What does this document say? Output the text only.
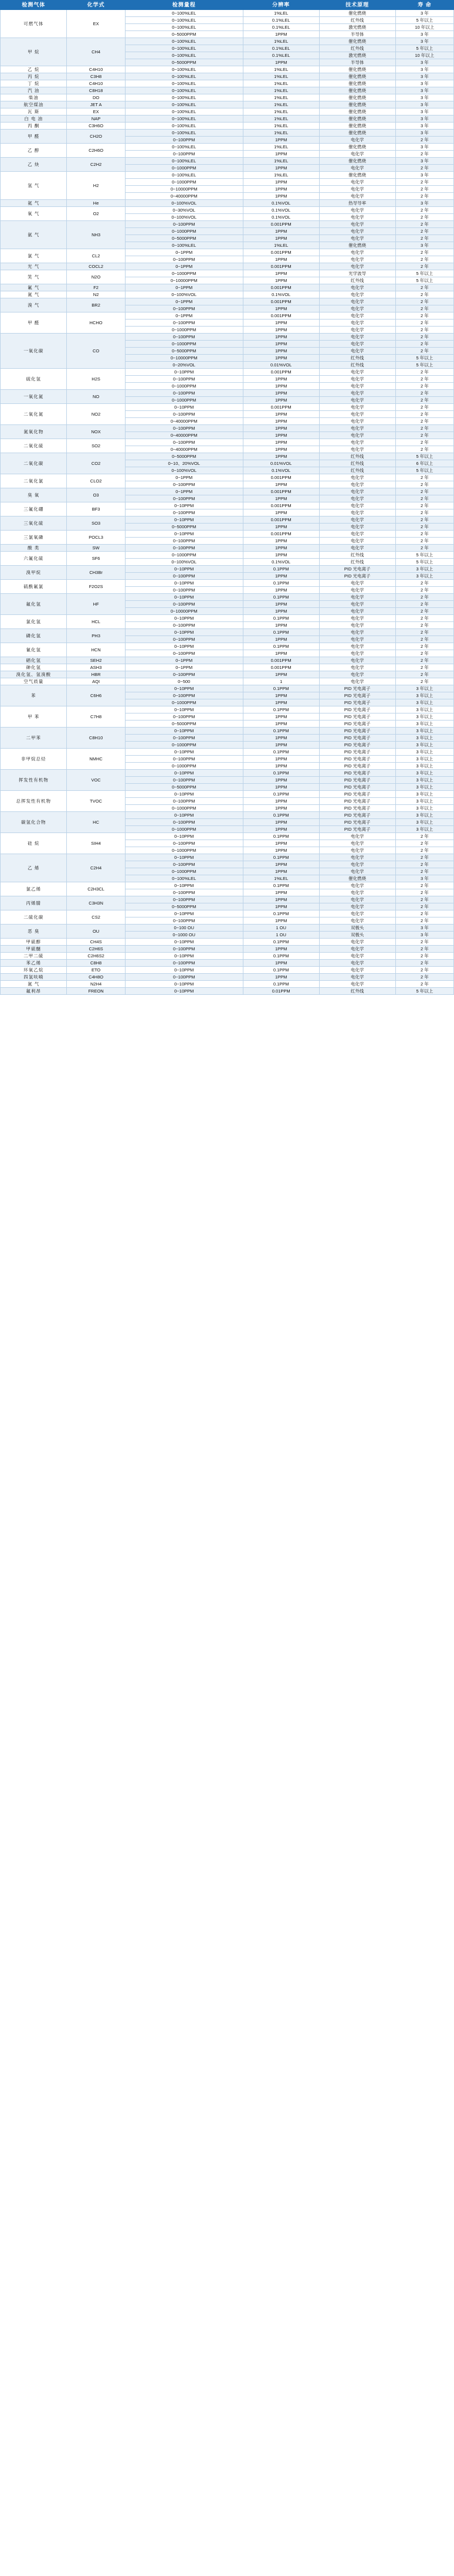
检测气体	化学式	检测量程	分辨率	技术原理	寿 命
可燃气体	EX	0~100%LEL	1%LEL	催化燃烧	3 年
		0~100%LEL	0.1%LEL	红外线	5 年以上
		0~100%LEL	0.1%LEL	激光燃烧	10 年以上
		0~5000PPM	1PPM	半导体	3 年
甲 烷	CH4	0~100%LEL	1%LEL	催化燃烧	3 年
		0~100%LEL	0.1%LEL	红外线	5 年以上
		0~100%LEL	0.1%LEL	激光燃烧	10 年以上
		0~5000PPM	1PPM	半导体	3 年
乙 烷	C4H10	0~100%LEL	1%LEL	催化燃烧	3 年
丙 烷	C3H8	0~100%LEL	1%LEL	催化燃烧	3 年
丁 烷	C4H10	0~100%LEL	1%LEL	催化燃烧	3 年
汽 油	C8H18	0~100%LEL	1%LEL	催化燃烧	3 年
柴油	DO	0~100%LEL	1%LEL	催化燃烧	3 年
航空煤油	JET A	0~100%LEL	1%LEL	催化燃烧	3 年
瓦 斯	EX	0~100%LEL	1%LEL	催化燃烧	3 年
白 电 油	NAP	0~100%LEL	1%LEL	催化燃烧	3 年
丙 酮	C3H6O	0~100%LEL	1%LEL	催化燃烧	3 年
甲 醛	CH2O	0~100%LEL	1%LEL	催化燃烧	3 年
		0~100PPM	1PPM	电化学	2 年
乙 醇	C2H6O	0~100%LEL	1%LEL	催化燃烧	3 年
		0~100PPM	1PPM	电化学	2 年
乙 炔	C2H2	0~100%LEL	1%LEL	催化燃烧	3 年
		0~1000PPM	1PPM	电化学	2 年
氢 气	H2	0~100%LEL	1%LEL	催化燃烧	3 年
		0~1000PPM	1PPM	电化学	2 年
		0~10000PPM	1PPM	电化学	2 年
		0~40000PPM	1PPM	电化学	2 年
氦 气	He	0~100%VOL	0.1%VOL	热导导率	3 年
氧 气	O2	0~30%VOL	0.1%VOL	电化学	2 年
		0~100%VOL	0.1%VOL	电化学	2 年
氨 气	NH3	0~100PPM	0.001PPM	电化学	2 年
		0~1000PPM	1PPM	电化学	2 年
		0~5000PPM	1PPM	电化学	2 年
		0~100%LEL	1%LEL	催化燃烧	3 年
氯 气	CL2	0~1PPM	0.001PPM	电化学	2 年
		0~100PPM	1PPM	电化学	2 年
光 气	COCL2	0~1PPM	0.001PPM	电化学	2 年
笑 气	N2O	0~1000PPM	1PPM	光学波导	5 年以上
		0~10000PPM	1PPM	红外线	5 年以上
氟 气	F2	0~1PPM	0.001PPM	电化学	2 年
氮 气	N2	0~100%VOL	0.1%VOL	电化学	2 年
溴 气	BR2	0~1PPM	0.001PPM	电化学	2 年
		0~100PPM	1PPM	电化学	2 年
甲 醛	HCHO	0~1PPM	0.001PPM	电化学	2 年
		0~100PPM	1PPM	电化学	2 年
		0~1000PPM	1PPM	电化学	2 年
一氧化碳	CO	0~100PPM	1PPM	电化学	2 年
		0~1000PPM	1PPM	电化学	2 年
		0~5000PPM	1PPM	电化学	2 年
		0~10000PPM	1PPM	红外线	5 年以上
		0~20%VOL	0.01%VOL	红外线	5 年以上
硫化氢	H2S	0~10PPM	0.001PPM	电化学	2 年
		0~100PPM	1PPM	电化学	2 年
		0~1000PPM	1PPM	电化学	2 年
一氧化氮	NO	0~100PPM	1PPM	电化学	2 年
		0~1000PPM	1PPM	电化学	2 年
二氧化氮	NO2	0~10PPM	0.001PPM	电化学	2 年
		0~100PPM	1PPM	电化学	2 年
		0~40000PPM	1PPM	电化学	2 年
氮氧化物	NOX	0~100PPM	1PPM	电化学	2 年
		0~40000PPM	1PPM	电化学	2 年
二氧化硫	SO2	0~100PPM	1PPM	电化学	2 年
		0~40000PPM	1PPM	电化学	2 年
二氧化碳	CO2	0~5000PPM	1PPM	红外线	5 年以上
		0~10、20%VOL	0.01%VOL	红外线	6 年以上
		0~100%VOL	0.1%VOL	红外线	5 年以上
二氧化氯	CLO2	0~1PPM	0.001PPM	电化学	2 年
		0~100PPM	1PPM	电化学	2 年
臭 氧	O3	0~1PPM	0.001PPM	电化学	2 年
		0~100PPM	1PPM	电化学	2 年
三氟化硼	BF3	0~10PPM	0.001PPM	电化学	2 年
		0~100PPM	1PPM	电化学	2 年
三氧化硫	SO3	0~10PPM	0.001PPM	电化学	2 年
		0~5000PPM	1PPM	电化学	2 年
三氯氧磷	POCL3	0~10PPM	0.001PPM	电化学	2 年
		0~100PPM	1PPM	电化学	2 年
酸 类	SW	0~100PPM	1PPM	电化学	2 年
六氟化硫	SF6	0~1000PPM	1PPM	红外线	5 年以上
		0~100%VOL	0.1%VOL	红外线	5 年以上
溴甲烷	CH3Br	0~10PPM	0.1PPM	PID 光电离子	3 年以上
		0~100PPM	1PPM	PID 光电离子	3 年以上
硫酰氟氯	F2O2S	0~10PPM	0.1PPM	电化学	2 年
		0~100PPM	1PPM	电化学	2 年
氟化氢	HF	0~10PPM	0.1PPM	电化学	2 年
		0~100PPM	1PPM	电化学	2 年
		0~10000PPM	1PPM	电化学	2 年
氯化氢	HCL	0~10PPM	0.1PPM	电化学	2 年
		0~100PPM	1PPM	电化学	2 年
磷化氢	PH3	0~10PPM	0.1PPM	电化学	2 年
		0~100PPM	1PPM	电化学	2 年
氰化氢	HCN	0~10PPM	0.1PPM	电化学	2 年
		0~100PPM	1PPM	电化学	2 年
硒化氢	SEH2	0~1PPM	0.001PPM	电化学	2 年
砷化氢	ASH3	0~1PPM	0.001PPM	电化学	2 年
溴化氢、氢溴酸	HBR	0~100PPM	1PPM	电化学	2 年
空气质量	AQI	0~500	1	电化学	2 年
苯	C6H6	0~10PPM	0.1PPM	PID 光电离子	3 年以上
		0~100PPM	1PPM	PID 光电离子	3 年以上
		0~1000PPM	1PPM	PID 光电离子	3 年以上
甲 苯	C7H8	0~10PPM	0.1PPM	PID 光电离子	3 年以上
		0~100PPM	1PPM	PID 光电离子	3 年以上
		0~5000PPM	1PPM	PID 光电离子	3 年以上
二甲苯	C8H10	0~10PPM	0.1PPM	PID 光电离子	3 年以上
		0~100PPM	1PPM	PID 光电离子	3 年以上
		0~1000PPM	1PPM	PID 光电离子	3 年以上
非甲烷总烃	NMHC	0~10PPM	0.1PPM	PID 光电离子	3 年以上
		0~100PPM	1PPM	PID 光电离子	3 年以上
		0~1000PPM	1PPM	PID 光电离子	3 年以上
挥发性有机物	VOC	0~10PPM	0.1PPM	PID 光电离子	3 年以上
		0~100PPM	1PPM	PID 光电离子	3 年以上
		0~5000PPM	1PPM	PID 光电离子	3 年以上
总挥发性有机物	TVOC	0~10PPM	0.1PPM	PID 光电离子	3 年以上
		0~100PPM	1PPM	PID 光电离子	3 年以上
		0~1000PPM	1PPM	PID 光电离子	3 年以上
碳氢化合物	HC	0~10PPM	0.1PPM	PID 光电离子	3 年以上
		0~100PPM	1PPM	PID 光电离子	3 年以上
		0~1000PPM	1PPM	PID 光电离子	3 年以上
硅 烷	SIH4	0~10PPM	0.1PPM	电化学	2 年
		0~100PPM	1PPM	电化学	2 年
		0~1000PPM	1PPM	电化学	2 年
乙 烯	C2H4	0~10PPM	0.1PPM	电化学	2 年
		0~100PPM	1PPM	电化学	2 年
		0~1000PPM	1PPM	电化学	2 年
		0~100%LEL	1%LEL	催化燃烧	3 年
氯乙烯	C2H3CL	0~10PPM	0.1PPM	电化学	2 年
		0~100PPM	1PPM	电化学	2 年
丙烯腈	C3H3N	0~100PPM	1PPM	电化学	2 年
		0~5000PPM	1PPM	电化学	2 年
二硫化碳	CS2	0~10PPM	0.1PPM	电化学	2 年
		0~100PPM	1PPM	电化学	2 年
恶 臭	OU	0~100 OU	1 OU	双极头	3 年
		0~1000 OU	1 OU	双极头	3 年
甲硫醇	CH4S	0~10PPM	0.1PPM	电化学	2 年
甲硫醚	C2H6S	0~100PPM	1PPM	电化学	2 年
二甲二硫	C2H6S2	0~10PPM	0.1PPM	电化学	2 年
苯乙烯	C8H8	0~100PPM	1PPM	电化学	2 年
环氧乙烷	ETO	0~10PPM	0.1PPM	电化学	2 年
四氢呋喃	C4H8O	0~100PPM	1PPM	电化学	2 年
氮 气	N2H4	0~10PPM	0.1PPM	电化学	2 年
氟利昂	FREON	0~10PPM	0.01PPM	红外线	5 年以上
